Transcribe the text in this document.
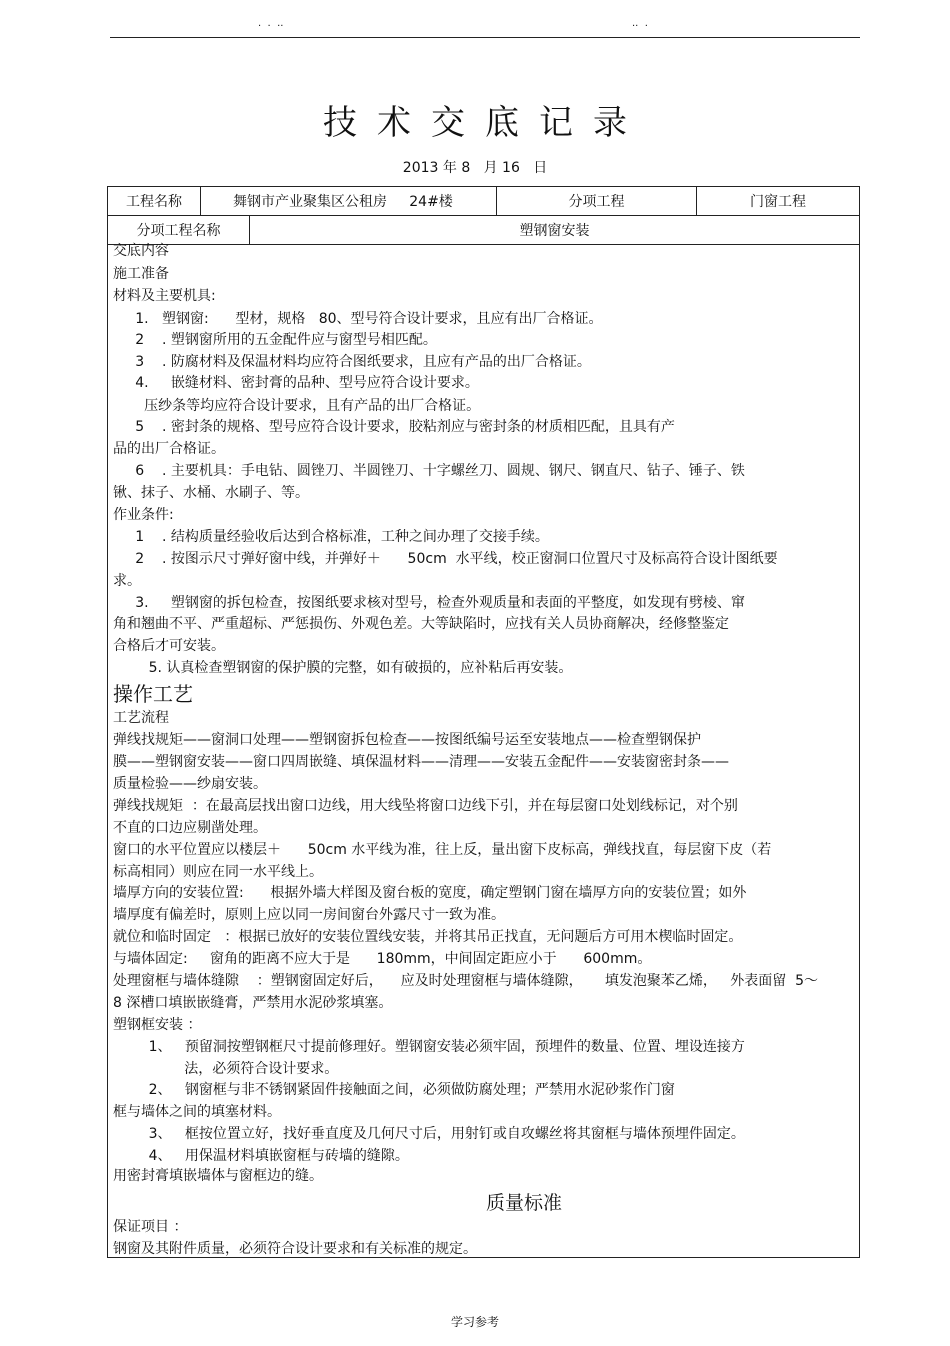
.  .  ..	..  .
技术交底记录
2013 年 8   月 16   日
工程名称	舞钢市产业聚集区公租房     24#楼	分项工程	门窗工程
分项工程名称	塑钢窗安装
交底内容
施工准备
材料及主要机具:
1.   塑钢窗:      型材，规格   80、型号符合设计要求，且应有出厂合格证。
2    . 塑钢窗所用的五金配件应与窗型号相匹配。
3    . 防腐材料及保温材料均应符合图纸要求，且应有产品的出厂合格证。
4.     嵌缝材料、密封膏的品种、型号应符合设计要求。
压纱条等均应符合设计要求，且有产品的出厂合格证。
5    . 密封条的规格、型号应符合设计要求，胶粘剂应与密封条的材质相匹配，且具有产
品的出厂合格证。
6    . 主要机具：手电钻、圆锉刀、半圆锉刀、十字螺丝刀、圆规、钢尺、钢直尺、钻子、锤子、铁
锹、抹子、水桶、水刷子、等。
作业条件:
1    . 结构质量经验收后达到合格标准，工种之间办理了交接手续。
2    . 按图示尺寸弹好窗中线，并弹好＋      50cm  水平线，校正窗洞口位置尺寸及标高符合设计图纸要
求。
3.     塑钢窗的拆包检查，按图纸要求核对型号，检查外观质量和表面的平整度，如发现有劈棱、窜
角和翘曲不平、严重超标、严惩损伤、外观色差。大等缺陷时，应找有关人员协商解决，经修整鉴定
合格后才可安装。
5. 认真检查塑钢窗的保护膜的完整，如有破损的，应补粘后再安装。
操作工艺
工艺流程
弹线找规矩——窗洞口处理——塑钢窗拆包检查——按图纸编号运至安装地点——检查塑钢保护
膜——塑钢窗安装——窗口四周嵌缝、填保温材料——清理——安装五金配件——安装窗密封条——
质量检验——纱扇安装。
弹线找规矩  ：在最高层找出窗口边线，用大线坠将窗口边线下引，并在每层窗口处划线标记，对个别
不直的口边应剔凿处理。
窗口的水平位置应以楼层＋      50cm 水平线为准，往上反，量出窗下皮标高，弹线找直，每层窗下皮（若
标高相同）则应在同一水平线上。
墙厚方向的安装位置:      根据外墙大样图及窗台板的宽度，确定塑钢门窗在墙厚方向的安装位置；如外
墙厚度有偏差时，原则上应以同一房间窗台外露尺寸一致为准。
就位和临时固定   ：根据已放好的安装位置线安装，并将其吊正找直，无问题后方可用木楔临时固定。
与墙体固定:     窗角的距离不应大于是      180mm，中间固定距应小于      600mm。
处理窗框与墙体缝隙    ：塑钢窗固定好后，    应及时处理窗框与墙体缝隙，     填发泡聚苯乙烯，   外表面留  5～
8 深槽口填嵌嵌缝膏，严禁用水泥砂浆填塞。
塑钢框安装 ：
1、   预留洞按塑钢框尺寸提前修理好。塑钢窗安装必须牢固，预埋件的数量、位置、埋设连接方
法，必须符合设计要求。
2、   钢窗框与非不锈钢紧固件接触面之间，必须做防腐处理；严禁用水泥砂浆作门窗
框与墙体之间的填塞材料。
3、   框按位置立好，找好垂直度及几何尺寸后，用射钉或自攻螺丝将其窗框与墙体预埋件固定。
4、   用保温材料填嵌窗框与砖墙的缝隙。
用密封膏填嵌墙体与窗框边的缝。
质量标准
保证项目 ：
钢窗及其附件质量，必须符合设计要求和有关标准的规定。
学习参考
